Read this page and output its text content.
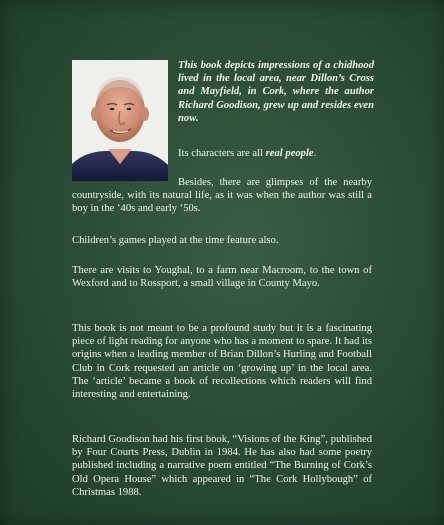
This book depicts impressions of a chidhood lived in the local area, near Dillon’s Cross and Mayfield, in Cork, where the author Richard Goodison, grew up and resides even now.

Its characters are all real people.

Besides, there are glimpses of the nearby countryside, with its natural life, as it was when the author was still a boy in the ‘40s and early ‘50s.

Children’s games played at the time feature also.

There are visits to Youghal, to a farm near Macroom, to the town of Wexford and to Rossport, a small village in County Mayo.

This book is not meant to be a profound study but it is a fascinating piece of light reading for anyone who has a moment to spare. It had its origins when a leading member of Brian Dillon’s Hurling and Football Club in Cork requested an article on ‘growing up’ in the local area. The ‘article’ became a book of recollections which readers will find interesting and entertaining.

Richard Goodison had his first book, “Visions of the King”, published by Four Courts Press, Dublin in 1984. He has also had some poetry published including a narrative poem entitled “The Burning of Cork’s Old Opera House” which appeared in “The Cork Hollybough” of Christmas 1988.
